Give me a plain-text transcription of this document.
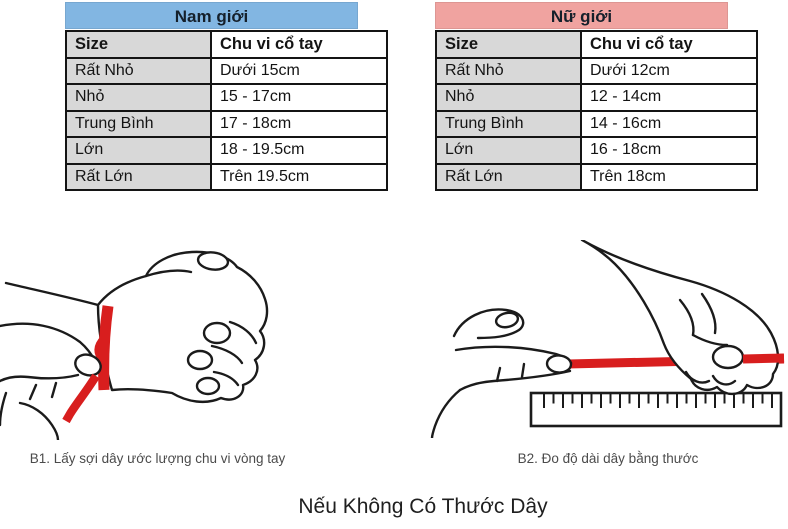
Nam giới
Size	Chu vi cổ tay
Rất Nhỏ	Dưới 15cm
Nhỏ	15 - 17cm
Trung Bình	17 - 18cm
Lớn	18 - 19.5cm
Rất Lớn	Trên 19.5cm
Nữ giới
Size	Chu vi cổ tay
Rất Nhỏ	Dưới 12cm
Nhỏ	12 - 14cm
Trung Bình	14 - 16cm
Lớn	16 - 18cm
Rất Lớn	Trên 18cm
B1. Lấy sợi dây ước lượng chu vi vòng tay	B2. Đo độ dài dây bằng thước
Nếu Không Có Thước Dây
